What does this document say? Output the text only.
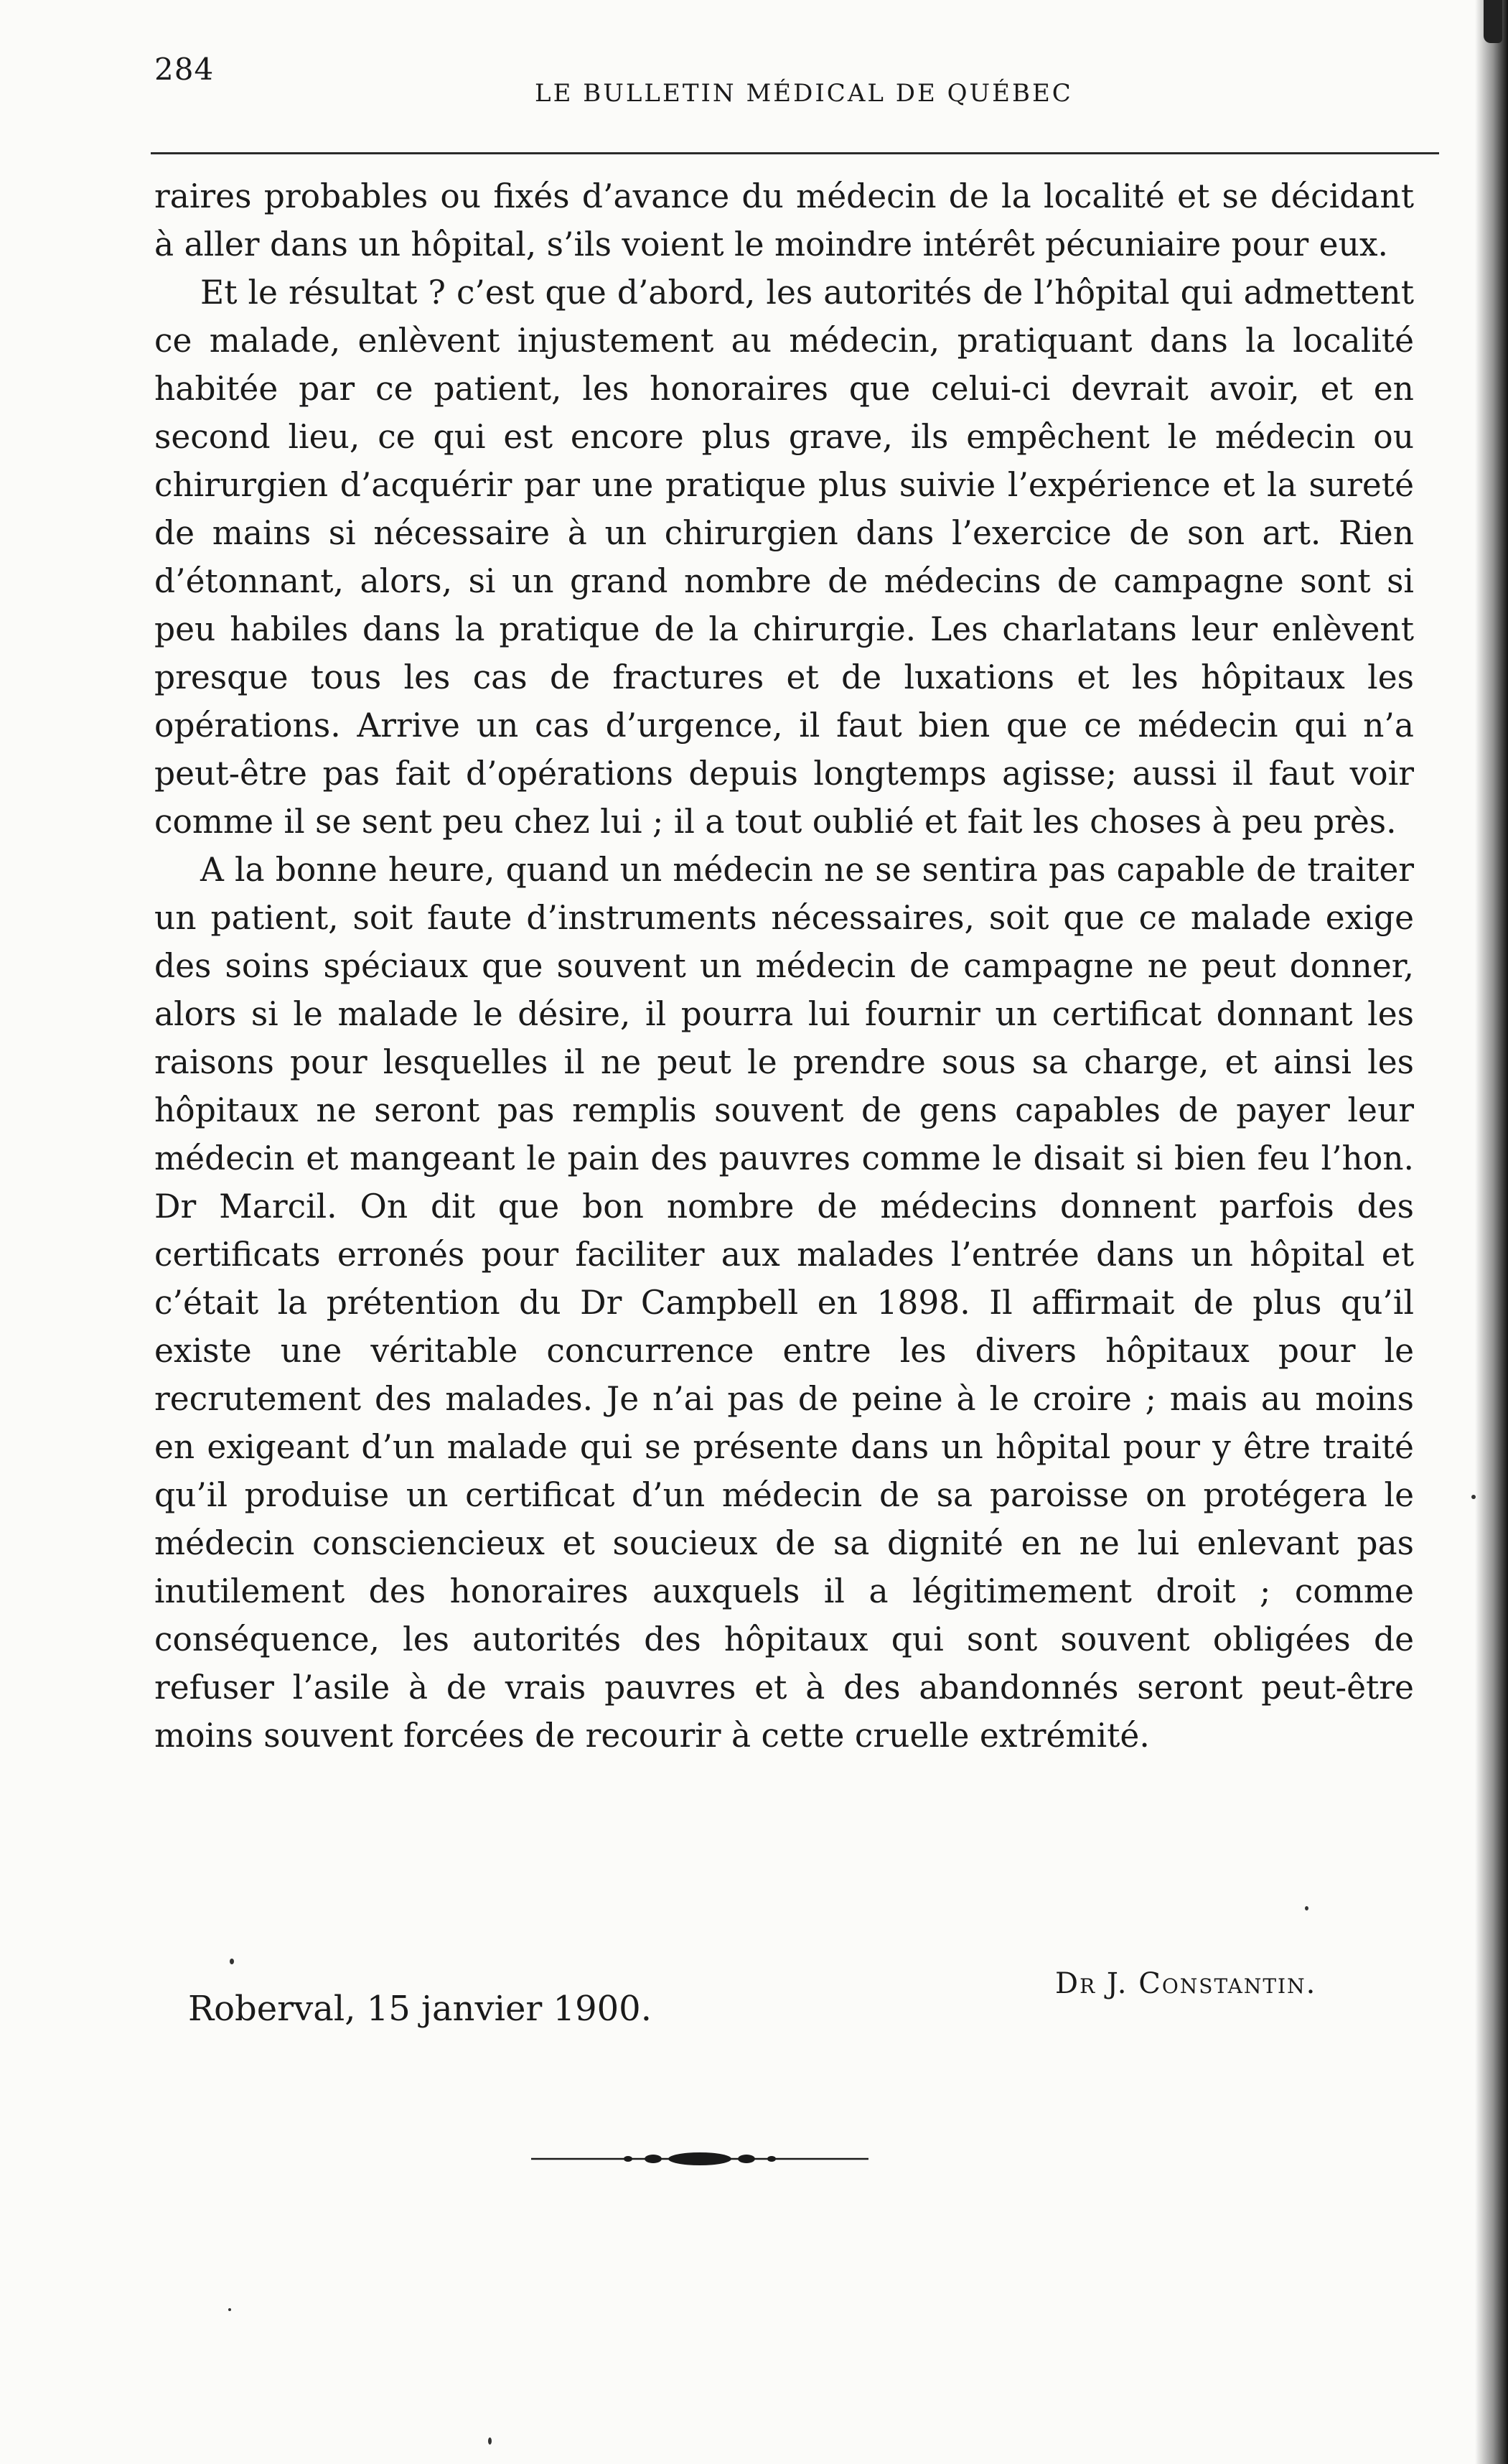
284
LE BULLETIN MÉDICAL DE QUÉBEC

raires probables ou fixés d’avance du médecin de la localité et se décidant à aller dans un hôpital, s’ils voient le moindre intérêt pécuniaire pour eux.

Et le résultat ? c’est que d’abord, les autorités de l’hôpital qui admettent ce malade, enlèvent injustement au médecin, pratiquant dans la localité habitée par ce patient, les honoraires que celui-ci devrait avoir, et en second lieu, ce qui est encore plus grave, ils empêchent le médecin ou chirurgien d’acquérir par une pratique plus suivie l’expérience et la sureté de mains si nécessaire à un chirurgien dans l’exercice de son art. Rien d’étonnant, alors, si un grand nombre de médecins de campagne sont si peu habiles dans la pratique de la chirurgie. Les charlatans leur enlèvent presque tous les cas de fractures et de luxations et les hôpitaux les opérations. Arrive un cas d’urgence, il faut bien que ce médecin qui n’a peut-être pas fait d’opérations depuis longtemps agisse; aussi il faut voir comme il se sent peu chez lui ; il a tout oublié et fait les choses à peu près.

A la bonne heure, quand un médecin ne se sentira pas capable de traiter un patient, soit faute d’instruments nécessaires, soit que ce malade exige des soins spéciaux que souvent un médecin de campagne ne peut donner, alors si le malade le désire, il pourra lui fournir un certificat donnant les raisons pour lesquelles il ne peut le prendre sous sa charge, et ainsi les hôpitaux ne seront pas remplis souvent de gens capables de payer leur médecin et mangeant le pain des pauvres comme le disait si bien feu l’hon. Dr Marcil. On dit que bon nombre de médecins donnent parfois des certificats erronés pour faciliter aux malades l’entrée dans un hôpital et c’était la prétention du Dr Campbell en 1898. Il affirmait de plus qu’il existe une véritable concurrence entre les divers hôpitaux pour le recrutement des malades. Je n’ai pas de peine à le croire ; mais au moins en exigeant d’un malade qui se présente dans un hôpital pour y être traité qu’il produise un certificat d’un médecin de sa paroisse on protégera le médecin consciencieux et soucieux de sa dignité en ne lui enlevant pas inutilement des honoraires auxquels il a légitimement droit ; comme conséquence, les autorités des hôpitaux qui sont souvent obligées de refuser l’asile à de vrais pauvres et à des abandonnés seront peut-être moins souvent forcées de recourir à cette cruelle extrémité.

Dr J. Constantin.
Roberval, 15 janvier 1900.
